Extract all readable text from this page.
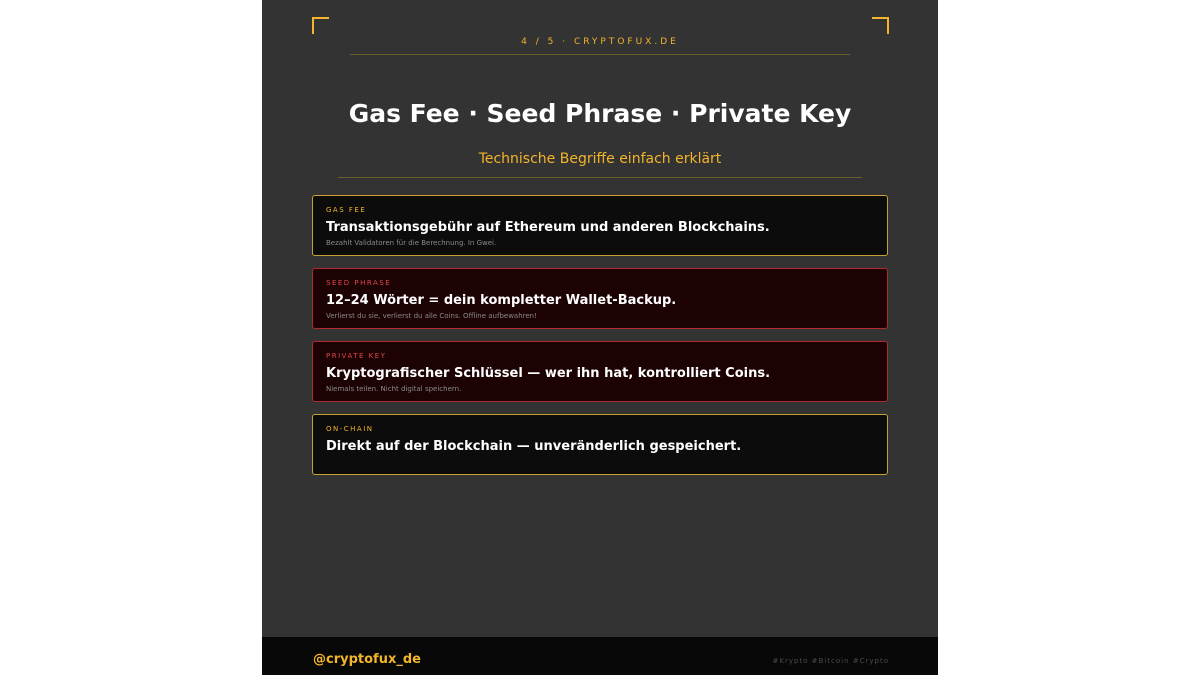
4 / 5 · CRYPTOFUX.DE
Gas Fee · Seed Phrase · Private Key
Technische Begriffe einfach erklärt
GAS FEE
Transaktionsgebühr auf Ethereum und anderen Blockchains.
Bezahlt Validatoren für die Berechnung. In Gwei.
SEED PHRASE
12–24 Wörter = dein kompletter Wallet-Backup.
Verlierst du sie, verlierst du alle Coins. Offline aufbewahren!
PRIVATE KEY
Kryptografischer Schlüssel — wer ihn hat, kontrolliert Coins.
Niemals teilen. Nicht digital speichern.
ON-CHAIN
Direkt auf der Blockchain — unveränderlich gespeichert.
@cryptofux_de	#Krypto #Bitcoin #Crypto
